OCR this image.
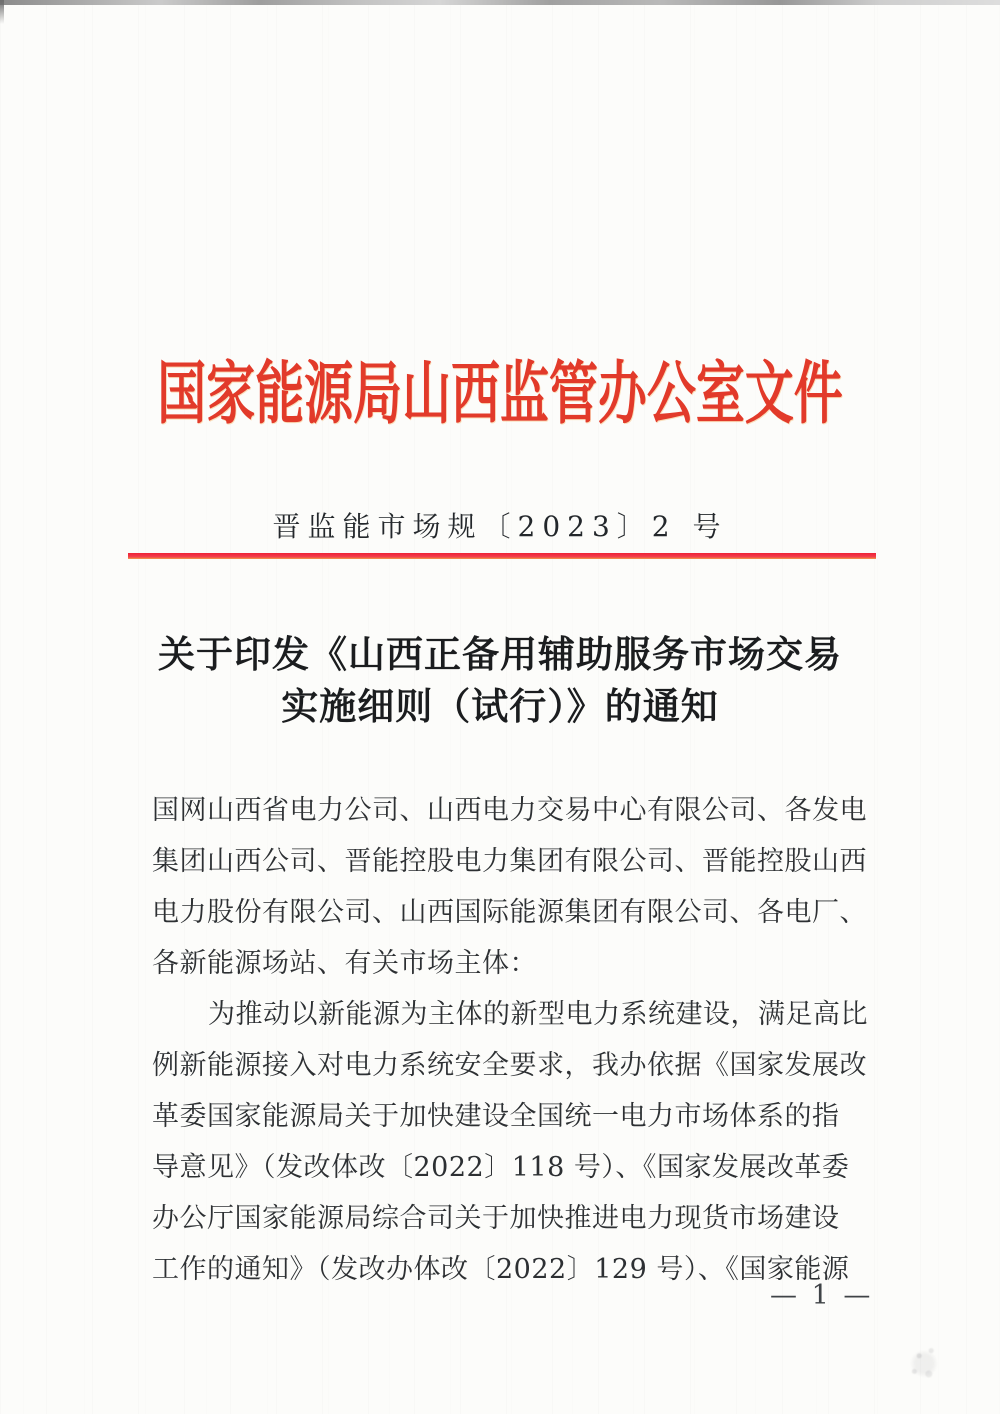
国家能源局山西监管办公室文件
晋监能市场规〔2023〕2 号
关于印发《山西正备用辅助服务市场交易
实施细则（试行）》的通知
国网山西省电力公司、山西电力交易中心有限公司、各发电
集团山西公司、晋能控股电力集团有限公司、晋能控股山西
电力股份有限公司、山西国际能源集团有限公司、各电厂、
各新能源场站、有关市场主体：
为推动以新能源为主体的新型电力系统建设，满足高比
例新能源接入对电力系统安全要求，我办依据《国家发展改
革委国家能源局关于加快建设全国统一电力市场体系的指
导意见》（发改体改〔2022〕118 号）、《国家发展改革委
办公厅国家能源局综合司关于加快推进电力现货市场建设
工作的通知》（发改办体改〔2022〕129 号）、《国家能源
— 1 —
